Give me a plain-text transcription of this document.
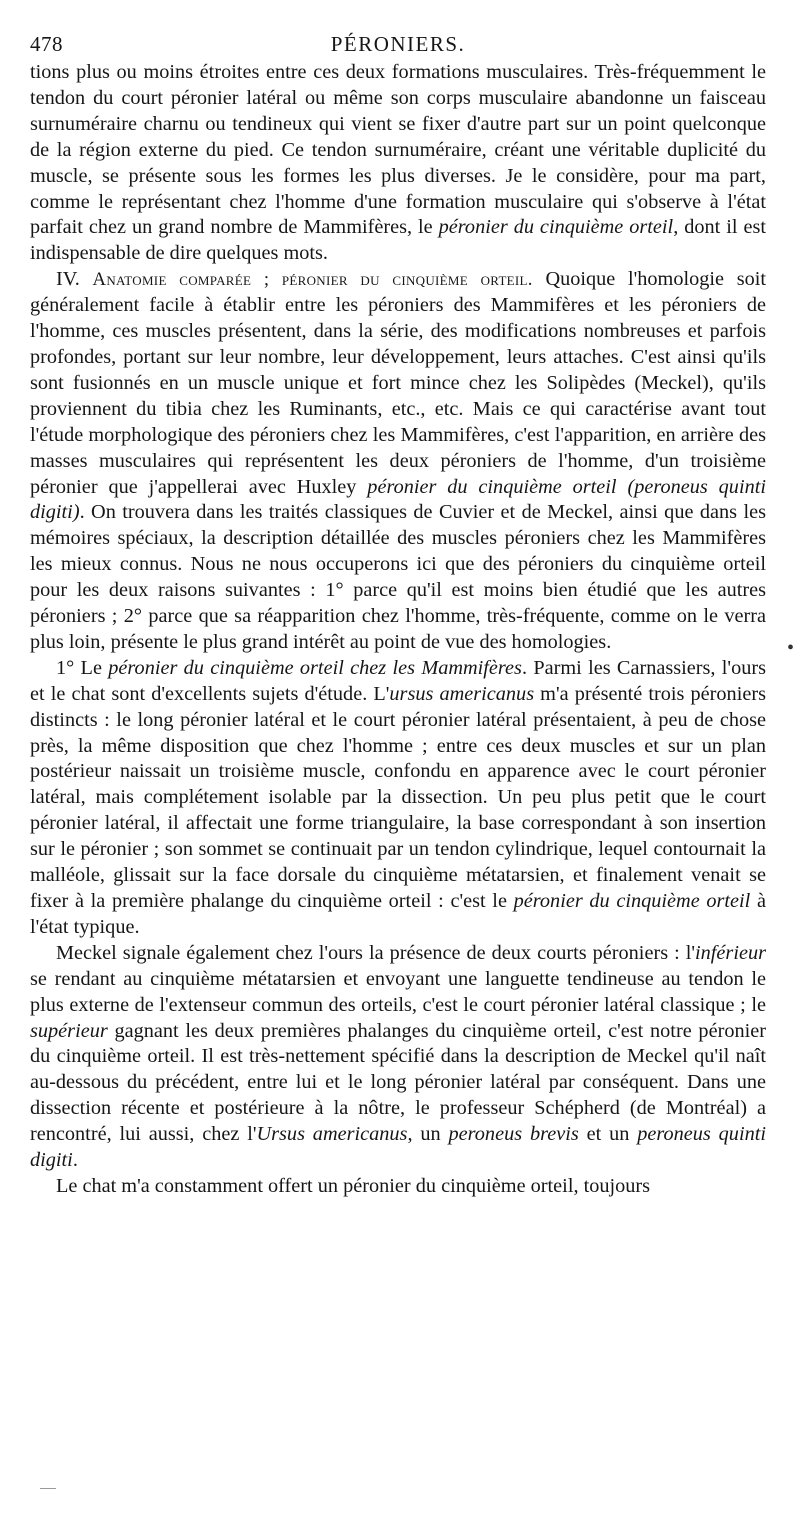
478	PÉRONIERS.

tions plus ou moins étroites entre ces deux formations musculaires. Très-fréquemment le tendon du court péronier latéral ou même son corps musculaire abandonne un faisceau surnuméraire charnu ou tendineux qui vient se fixer d'autre part sur un point quelconque de la région externe du pied. Ce tendon surnuméraire, créant une véritable duplicité du muscle, se présente sous les formes les plus diverses. Je le considère, pour ma part, comme le représentant chez l'homme d'une formation musculaire qui s'observe à l'état parfait chez un grand nombre de Mammifères, le péronier du cinquième orteil, dont il est indispensable de dire quelques mots.

IV. Anatomie comparée ; péronier du cinquième orteil. Quoique l'homologie soit généralement facile à établir entre les péroniers des Mammifères et les péroniers de l'homme, ces muscles présentent, dans la série, des modifications nombreuses et parfois profondes, portant sur leur nombre, leur développement, leurs attaches. C'est ainsi qu'ils sont fusionnés en un muscle unique et fort mince chez les Solipèdes (Meckel), qu'ils proviennent du tibia chez les Ruminants, etc., etc. Mais ce qui caractérise avant tout l'étude morphologique des péroniers chez les Mammifères, c'est l'apparition, en arrière des masses musculaires qui représentent les deux péroniers de l'homme, d'un troisième péronier que j'appellerai avec Huxley péronier du cinquième orteil (peroneus quinti digiti). On trouvera dans les traités classiques de Cuvier et de Meckel, ainsi que dans les mémoires spéciaux, la description détaillée des muscles péroniers chez les Mammifères les mieux connus. Nous ne nous occuperons ici que des péroniers du cinquième orteil pour les deux raisons suivantes : 1° parce qu'il est moins bien étudié que les autres péroniers ; 2° parce que sa réapparition chez l'homme, très-fréquente, comme on le verra plus loin, présente le plus grand intérêt au point de vue des homologies.

1° Le péronier du cinquième orteil chez les Mammifères. Parmi les Carnassiers, l'ours et le chat sont d'excellents sujets d'étude. L'ursus americanus m'a présenté trois péroniers distincts : le long péronier latéral et le court péronier latéral présentaient, à peu de chose près, la même disposition que chez l'homme ; entre ces deux muscles et sur un plan postérieur naissait un troisième muscle, confondu en apparence avec le court péronier latéral, mais complétement isolable par la dissection. Un peu plus petit que le court péronier latéral, il affectait une forme triangulaire, la base correspondant à son insertion sur le péronier ; son sommet se continuait par un tendon cylindrique, lequel contournait la malléole, glissait sur la face dorsale du cinquième métatarsien, et finalement venait se fixer à la première phalange du cinquième orteil : c'est le péronier du cinquième orteil à l'état typique.

Meckel signale également chez l'ours la présence de deux courts péroniers : l'inférieur se rendant au cinquième métatarsien et envoyant une languette tendineuse au tendon le plus externe de l'extenseur commun des orteils, c'est le court péronier latéral classique ; le supérieur gagnant les deux premières phalanges du cinquième orteil, c'est notre péronier du cinquième orteil. Il est très-nettement spécifié dans la description de Meckel qu'il naît au-dessous du précédent, entre lui et le long péronier latéral par conséquent. Dans une dissection récente et postérieure à la nôtre, le professeur Schépherd (de Montréal) a rencontré, lui aussi, chez l'Ursus americanus, un peroneus brevis et un peroneus quinti digiti.

Le chat m'a constamment offert un péronier du cinquième orteil, toujours

•
